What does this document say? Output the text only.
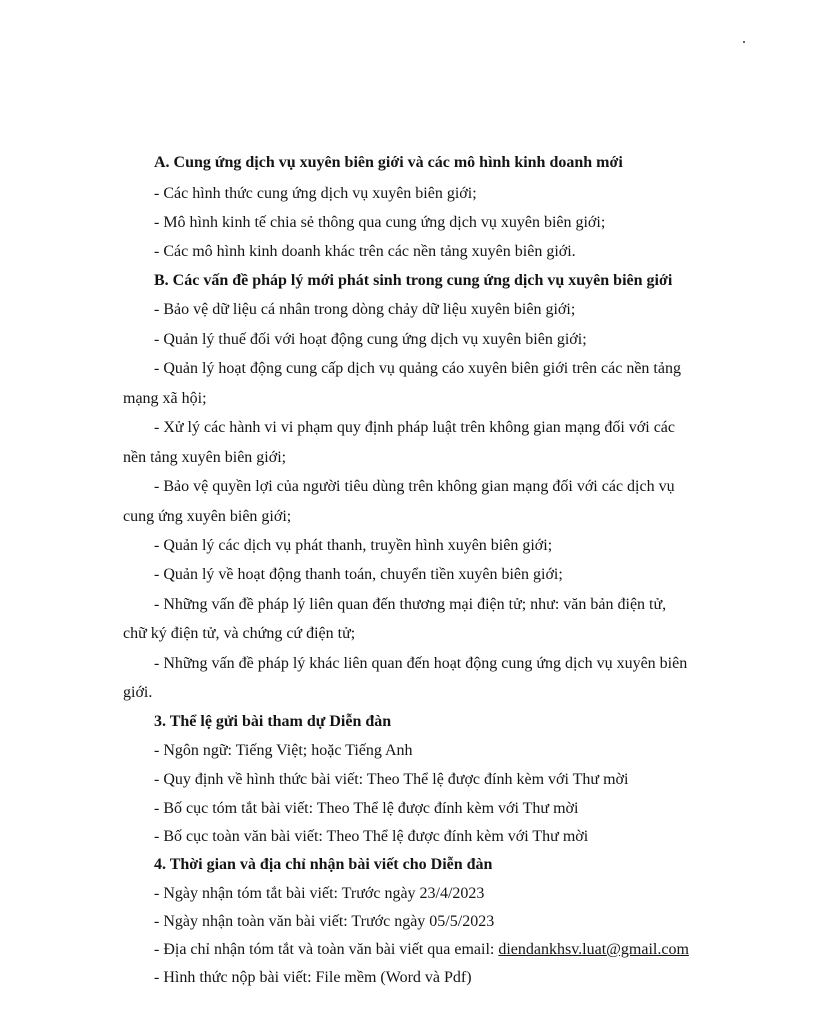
A. Cung ứng dịch vụ xuyên biên giới và các mô hình kinh doanh mới
- Các hình thức cung ứng dịch vụ xuyên biên giới;
- Mô hình kinh tế chia sẻ thông qua cung ứng dịch vụ xuyên biên giới;
- Các mô hình kinh doanh khác trên các nền tảng xuyên biên giới.
B. Các vấn đề pháp lý mới phát sinh trong cung ứng dịch vụ xuyên biên giới
- Bảo vệ dữ liệu cá nhân trong dòng chảy dữ liệu xuyên biên giới;
- Quản lý thuế đối với hoạt động cung ứng dịch vụ xuyên biên giới;
- Quản lý hoạt động cung cấp dịch vụ quảng cáo xuyên biên giới trên các nền tảng
mạng xã hội;
- Xử lý các hành vi vi phạm quy định pháp luật trên không gian mạng đối với các
nền tảng xuyên biên giới;
- Bảo vệ quyền lợi của người tiêu dùng trên không gian mạng đối với các dịch vụ
cung ứng xuyên biên giới;
- Quản lý các dịch vụ phát thanh, truyền hình xuyên biên giới;
- Quản lý về hoạt động thanh toán, chuyển tiền xuyên biên giới;
- Những vấn đề pháp lý liên quan đến thương mại điện tử; như: văn bản điện tử,
chữ ký điện tử, và chứng cứ điện tử;
- Những vấn đề pháp lý khác liên quan đến hoạt động cung ứng dịch vụ xuyên biên
giới.
3. Thể lệ gửi bài tham dự Diễn đàn
- Ngôn ngữ: Tiếng Việt; hoặc Tiếng Anh
- Quy định về hình thức bài viết: Theo Thể lệ được đính kèm với Thư mời
- Bố cục tóm tắt bài viết: Theo Thể lệ được đính kèm với Thư mời
- Bố cục toàn văn bài viết: Theo Thể lệ được đính kèm với Thư mời
4. Thời gian và địa chỉ nhận bài viết cho Diễn đàn
- Ngày nhận tóm tắt bài viết: Trước ngày 23/4/2023
- Ngày nhận toàn văn bài viết: Trước ngày 05/5/2023
- Địa chỉ nhận tóm tắt và toàn văn bài viết qua email: diendankhsv.luat@gmail.com
- Hình thức nộp bài viết: File mềm (Word và Pdf)
